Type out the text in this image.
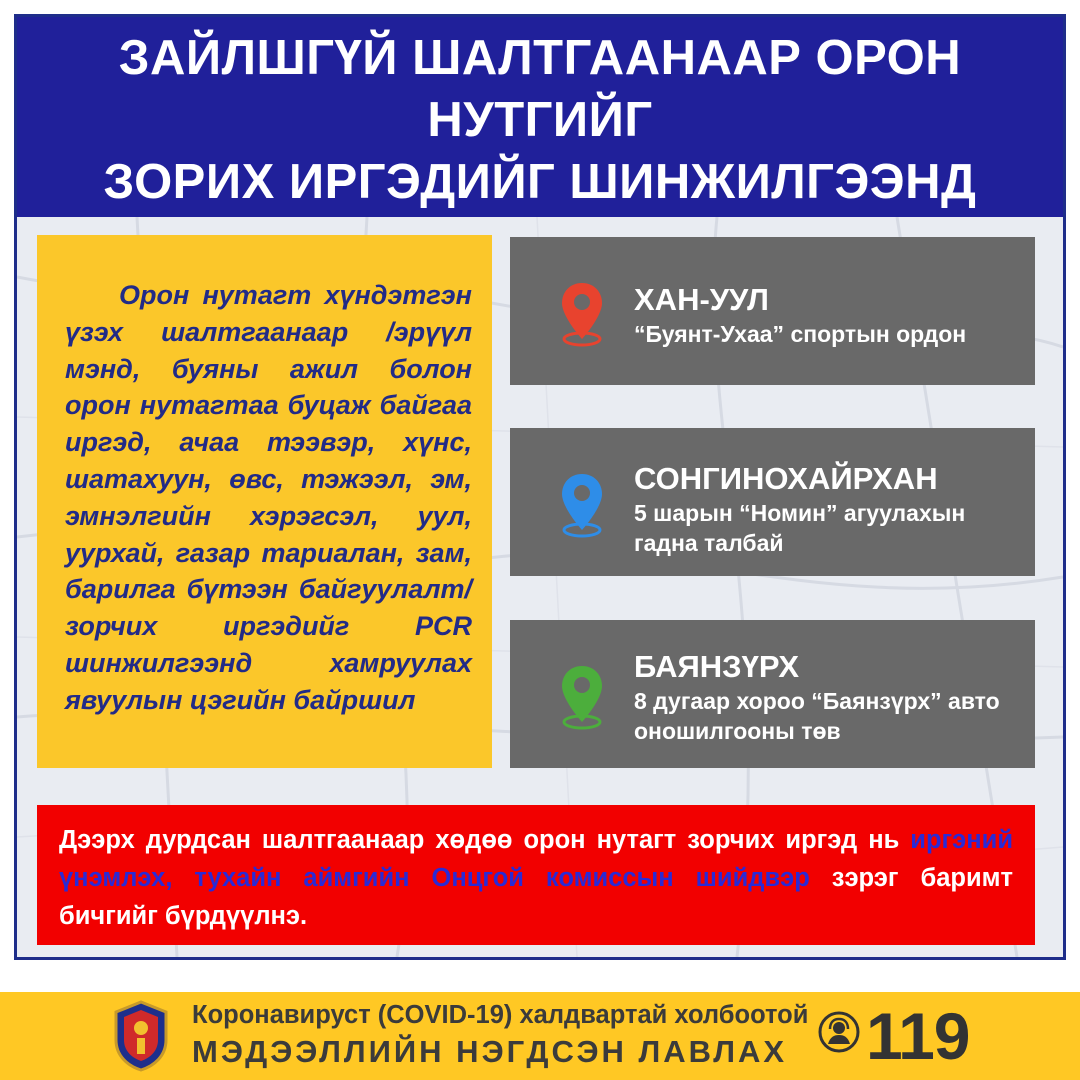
ЗАЙЛШГҮЙ ШАЛТГААНААР ОРОН НУТГИЙГ
ЗОРИХ ИРГЭДИЙГ ШИНЖИЛГЭЭНД

Орон нутагт хүндэтгэн үзэх шалтгаанаар /эрүүл мэнд, буяны ажил болон орон нутагтаа буцаж байгаа иргэд, ачаа тээвэр, хүнс, шатахуун, өвс, тэжээл, эм, эмнэлгийн хэрэгсэл, уул, уурхай, газар тариалан, зам, барилга бүтээн байгуулалт/ зорчих иргэдийг PCR шинжилгээнд хамруулах явуулын цэгийн байршил

ХАН-УУЛ
“Буянт-Ухаа” спортын ордон
СОНГИНОХАЙРХАН
5 шарын “Номин” агуулахын гадна талбай
БАЯНЗҮРХ
8 дугаар хороо “Баянзүрх” авто оношилгооны төв

Дээрх дурдсан шалтгаанаар хөдөө орон нутагт зорчих иргэд нь иргэний үнэмлэх, тухайн аймгийн Онцгой комиссын шийдвэр зэрэг баримт бичгийг бүрдүүлнэ.

Коронавируст (COVID-19) халдвартай холбоотой
МЭДЭЭЛЛИЙН НЭГДСЭН ЛАВЛАХ 119
